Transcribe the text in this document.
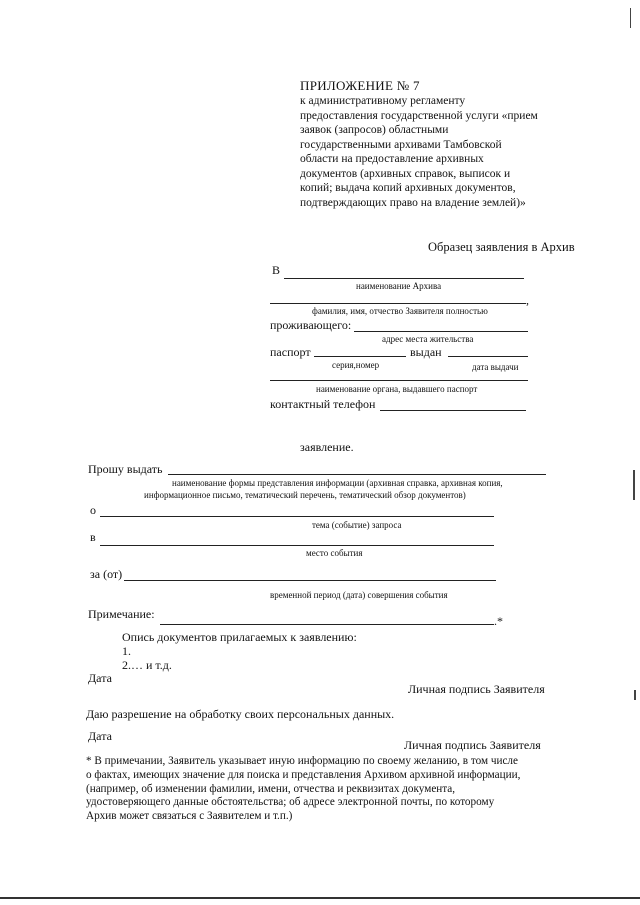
ПРИЛОЖЕНИЕ № 7
к административному регламенту
предоставления государственной услуги «прием
заявок (запросов) областными
государственными архивами Тамбовской
области на предоставление архивных
документов (архивных справок, выписок и
копий; выдача копий архивных документов,
подтверждающих право на владение землей)»
Образец заявления в Архив
В
наименование Архива
,
фамилия, имя, отчество Заявителя полностью
проживающего:
адрес места жительства
паспорт	выдан
серия,номер	дата выдачи
наименование органа, выдавшего паспорт
контактный телефон
заявление.
Прошу выдать
наименование формы представления информации (архивная справка, архивная копия,
информационное письмо, тематический перечень, тематический обзор документов)
о
тема (событие) запроса
в
место события
за (от)
временной период (дата) совершения события
Примечание:	.*
Опись документов прилагаемых к заявлению:
1.
2.… и т.д.
Дата
Личная подпись Заявителя
Даю разрешение на обработку своих персональных данных.
Дата
Личная подпись Заявителя
* В примечании, Заявитель указывает иную информацию по своему желанию, в том числе
о фактах, имеющих значение для поиска и представления Архивом архивной информации,
(например, об изменении фамилии, имени, отчества и реквизитах документа,
удостоверяющего данные обстоятельства; об адресе электронной почты, по которому
Архив может связаться с Заявителем и т.п.)
